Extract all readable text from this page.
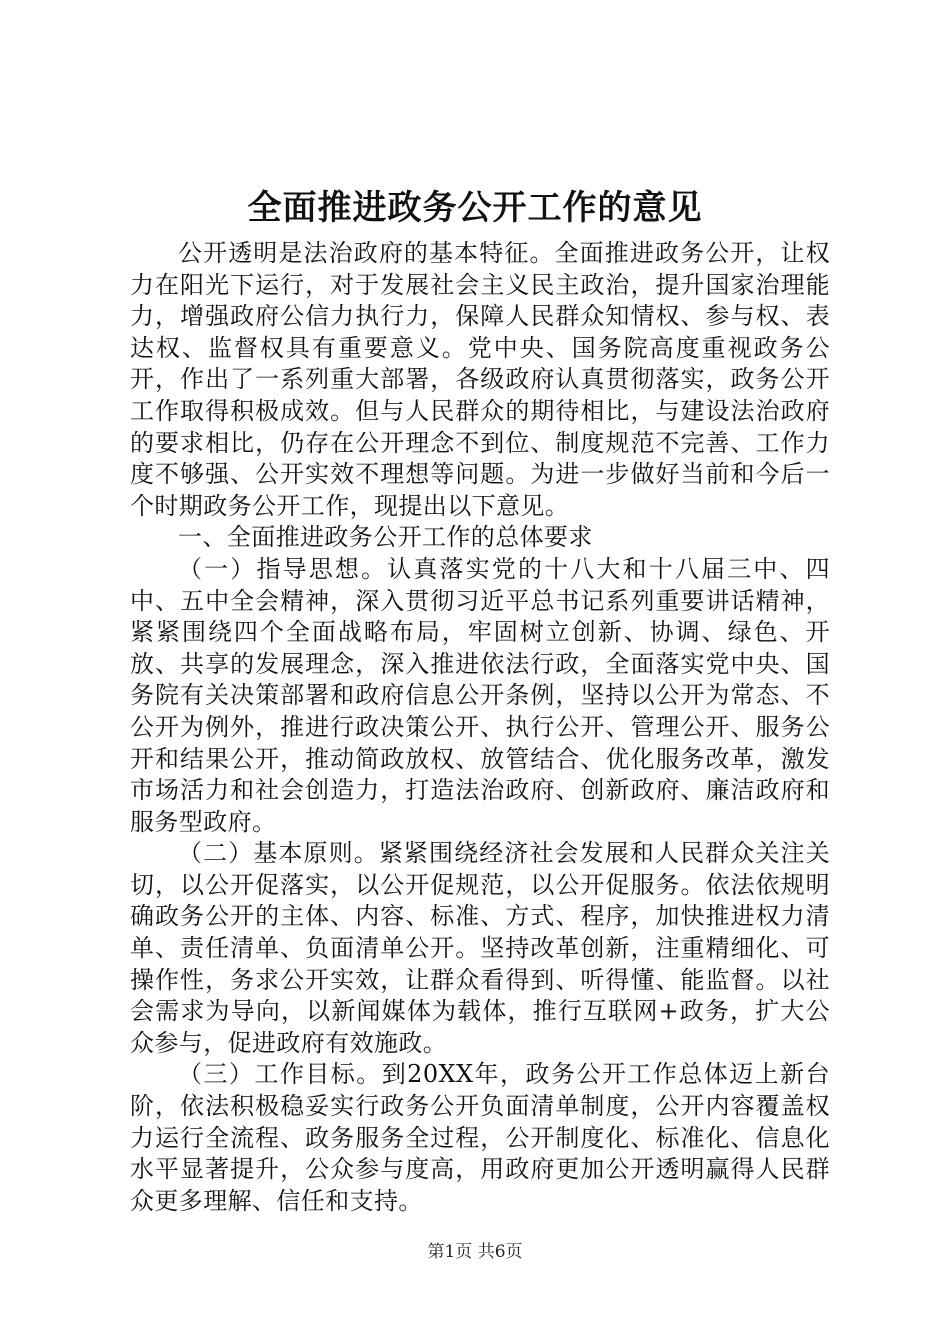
全面推进政务公开工作的意见

公开透明是法治政府的基本特征。全面推进政务公开，让权力在阳光下运行，对于发展社会主义民主政治，提升国家治理能力，增强政府公信力执行力，保障人民群众知情权、参与权、表达权、监督权具有重要意义。党中央、国务院高度重视政务公开，作出了一系列重大部署，各级政府认真贯彻落实，政务公开工作取得积极成效。但与人民群众的期待相比，与建设法治政府的要求相比，仍存在公开理念不到位、制度规范不完善、工作力度不够强、公开实效不理想等问题。为进一步做好当前和今后一个时期政务公开工作，现提出以下意见。

一、全面推进政务公开工作的总体要求

（一）指导思想。认真落实党的十八大和十八届三中、四中、五中全会精神，深入贯彻习近平总书记系列重要讲话精神，紧紧围绕四个全面战略布局，牢固树立创新、协调、绿色、开放、共享的发展理念，深入推进依法行政，全面落实党中央、国务院有关决策部署和政府信息公开条例，坚持以公开为常态、不公开为例外，推进行政决策公开、执行公开、管理公开、服务公开和结果公开，推动简政放权、放管结合、优化服务改革，激发市场活力和社会创造力，打造法治政府、创新政府、廉洁政府和服务型政府。

（二）基本原则。紧紧围绕经济社会发展和人民群众关注关切，以公开促落实，以公开促规范，以公开促服务。依法依规明确政务公开的主体、内容、标准、方式、程序，加快推进权力清单、责任清单、负面清单公开。坚持改革创新，注重精细化、可操作性，务求公开实效，让群众看得到、听得懂、能监督。以社会需求为导向，以新闻媒体为载体，推行互联网+政务，扩大公众参与，促进政府有效施政。

（三）工作目标。到20XX年，政务公开工作总体迈上新台阶，依法积极稳妥实行政务公开负面清单制度，公开内容覆盖权力运行全流程、政务服务全过程，公开制度化、标准化、信息化水平显著提升，公众参与度高，用政府更加公开透明赢得人民群众更多理解、信任和支持。

第1页 共6页
